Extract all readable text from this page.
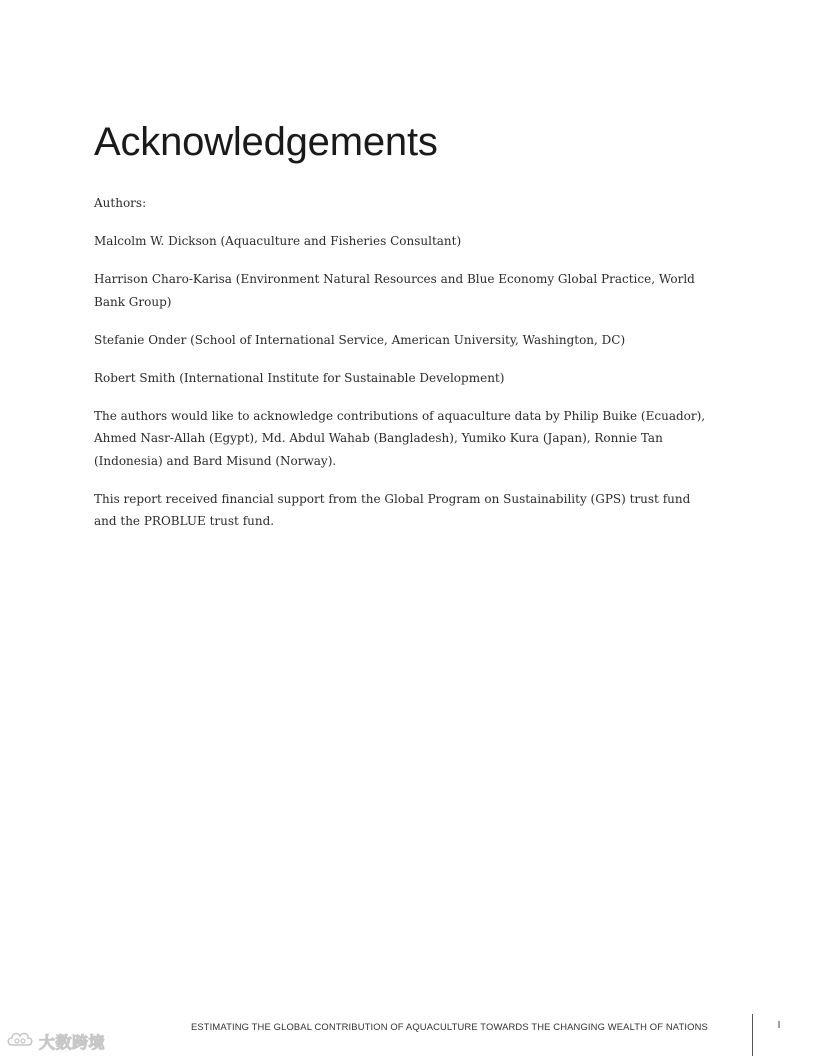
Acknowledgements

Authors:

Malcolm W. Dickson (Aquaculture and Fisheries Consultant)

Harrison Charo-Karisa (Environment Natural Resources and Blue Economy Global Practice, World Bank Group)

Stefanie Onder (School of International Service, American University, Washington, DC)

Robert Smith (International Institute for Sustainable Development)

The authors would like to acknowledge contributions of aquaculture data by Philip Buike (Ecuador), Ahmed Nasr-Allah (Egypt), Md. Abdul Wahab (Bangladesh), Yumiko Kura (Japan), Ronnie Tan (Indonesia) and Bard Misund (Norway).

This report received financial support from the Global Program on Sustainability (GPS) trust fund and the PROBLUE trust fund.

ESTIMATING THE GLOBAL CONTRIBUTION OF AQUACULTURE TOWARDS THE CHANGING WEALTH OF NATIONS	I
大数跨境
